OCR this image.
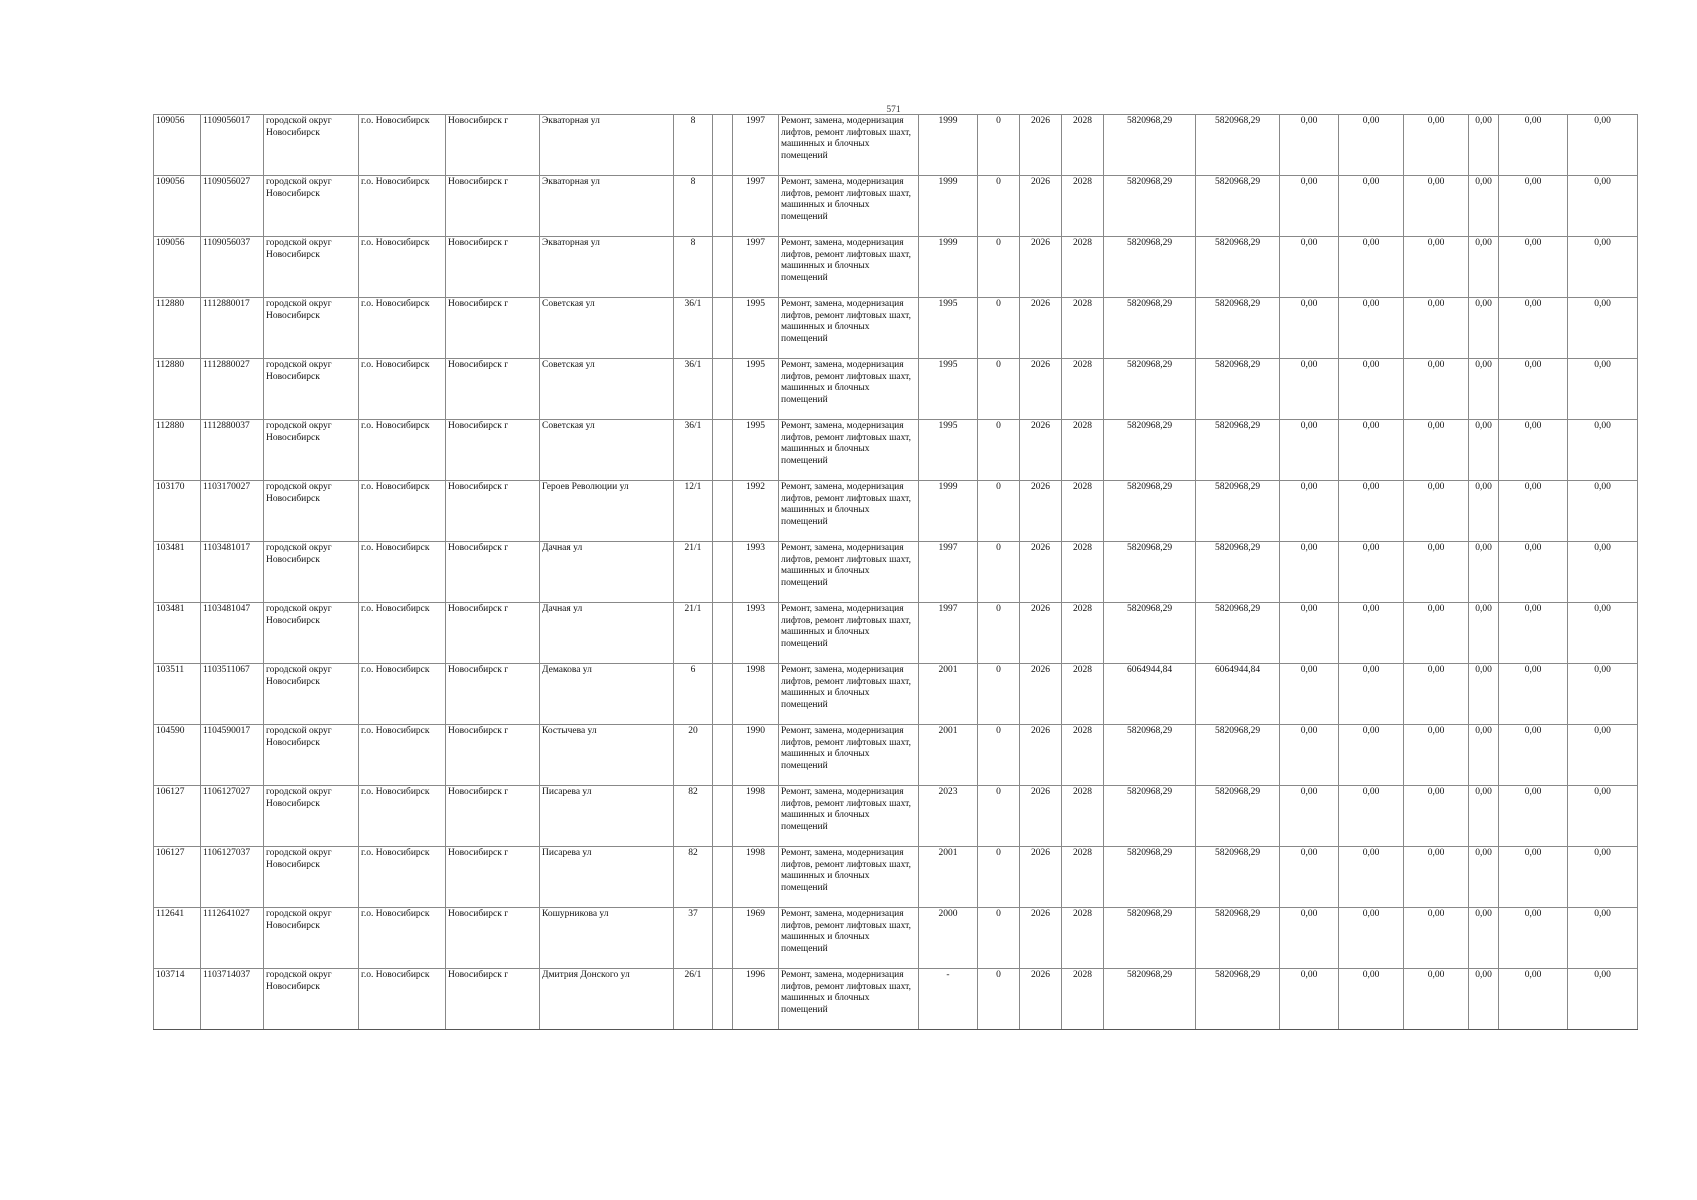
571
109056	1109056017	городской округ Новосибирск	г.о. Новосибирск	Новосибирск г	Экваторная ул	8		1997	Ремонт, замена, модернизация лифтов, ремонт лифтовых шахт, машинных и блочных помещений	1999	0	2026	2028	5820968,29	5820968,29	0,00	0,00	0,00	0,00	0,00	0,00
109056	1109056027	городской округ Новосибирск	г.о. Новосибирск	Новосибирск г	Экваторная ул	8		1997	Ремонт, замена, модернизация лифтов, ремонт лифтовых шахт, машинных и блочных помещений	1999	0	2026	2028	5820968,29	5820968,29	0,00	0,00	0,00	0,00	0,00	0,00
109056	1109056037	городской округ Новосибирск	г.о. Новосибирск	Новосибирск г	Экваторная ул	8		1997	Ремонт, замена, модернизация лифтов, ремонт лифтовых шахт, машинных и блочных помещений	1999	0	2026	2028	5820968,29	5820968,29	0,00	0,00	0,00	0,00	0,00	0,00
112880	1112880017	городской округ Новосибирск	г.о. Новосибирск	Новосибирск г	Советская ул	36/1		1995	Ремонт, замена, модернизация лифтов, ремонт лифтовых шахт, машинных и блочных помещений	1995	0	2026	2028	5820968,29	5820968,29	0,00	0,00	0,00	0,00	0,00	0,00
112880	1112880027	городской округ Новосибирск	г.о. Новосибирск	Новосибирск г	Советская ул	36/1		1995	Ремонт, замена, модернизация лифтов, ремонт лифтовых шахт, машинных и блочных помещений	1995	0	2026	2028	5820968,29	5820968,29	0,00	0,00	0,00	0,00	0,00	0,00
112880	1112880037	городской округ Новосибирск	г.о. Новосибирск	Новосибирск г	Советская ул	36/1		1995	Ремонт, замена, модернизация лифтов, ремонт лифтовых шахт, машинных и блочных помещений	1995	0	2026	2028	5820968,29	5820968,29	0,00	0,00	0,00	0,00	0,00	0,00
103170	1103170027	городской округ Новосибирск	г.о. Новосибирск	Новосибирск г	Героев Революции ул	12/1		1992	Ремонт, замена, модернизация лифтов, ремонт лифтовых шахт, машинных и блочных помещений	1999	0	2026	2028	5820968,29	5820968,29	0,00	0,00	0,00	0,00	0,00	0,00
103481	1103481017	городской округ Новосибирск	г.о. Новосибирск	Новосибирск г	Дачная ул	21/1		1993	Ремонт, замена, модернизация лифтов, ремонт лифтовых шахт, машинных и блочных помещений	1997	0	2026	2028	5820968,29	5820968,29	0,00	0,00	0,00	0,00	0,00	0,00
103481	1103481047	городской округ Новосибирск	г.о. Новосибирск	Новосибирск г	Дачная ул	21/1		1993	Ремонт, замена, модернизация лифтов, ремонт лифтовых шахт, машинных и блочных помещений	1997	0	2026	2028	5820968,29	5820968,29	0,00	0,00	0,00	0,00	0,00	0,00
103511	1103511067	городской округ Новосибирск	г.о. Новосибирск	Новосибирск г	Демакова ул	6		1998	Ремонт, замена, модернизация лифтов, ремонт лифтовых шахт, машинных и блочных помещений	2001	0	2026	2028	6064944,84	6064944,84	0,00	0,00	0,00	0,00	0,00	0,00
104590	1104590017	городской округ Новосибирск	г.о. Новосибирск	Новосибирск г	Костычева ул	20		1990	Ремонт, замена, модернизация лифтов, ремонт лифтовых шахт, машинных и блочных помещений	2001	0	2026	2028	5820968,29	5820968,29	0,00	0,00	0,00	0,00	0,00	0,00
106127	1106127027	городской округ Новосибирск	г.о. Новосибирск	Новосибирск г	Писарева ул	82		1998	Ремонт, замена, модернизация лифтов, ремонт лифтовых шахт, машинных и блочных помещений	2023	0	2026	2028	5820968,29	5820968,29	0,00	0,00	0,00	0,00	0,00	0,00
106127	1106127037	городской округ Новосибирск	г.о. Новосибирск	Новосибирск г	Писарева ул	82		1998	Ремонт, замена, модернизация лифтов, ремонт лифтовых шахт, машинных и блочных помещений	2001	0	2026	2028	5820968,29	5820968,29	0,00	0,00	0,00	0,00	0,00	0,00
112641	1112641027	городской округ Новосибирск	г.о. Новосибирск	Новосибирск г	Кошурникова ул	37		1969	Ремонт, замена, модернизация лифтов, ремонт лифтовых шахт, машинных и блочных помещений	2000	0	2026	2028	5820968,29	5820968,29	0,00	0,00	0,00	0,00	0,00	0,00
103714	1103714037	городской округ Новосибирск	г.о. Новосибирск	Новосибирск г	Дмитрия Донского ул	26/1		1996	Ремонт, замена, модернизация лифтов, ремонт лифтовых шахт, машинных и блочных помещений	-	0	2026	2028	5820968,29	5820968,29	0,00	0,00	0,00	0,00	0,00	0,00
